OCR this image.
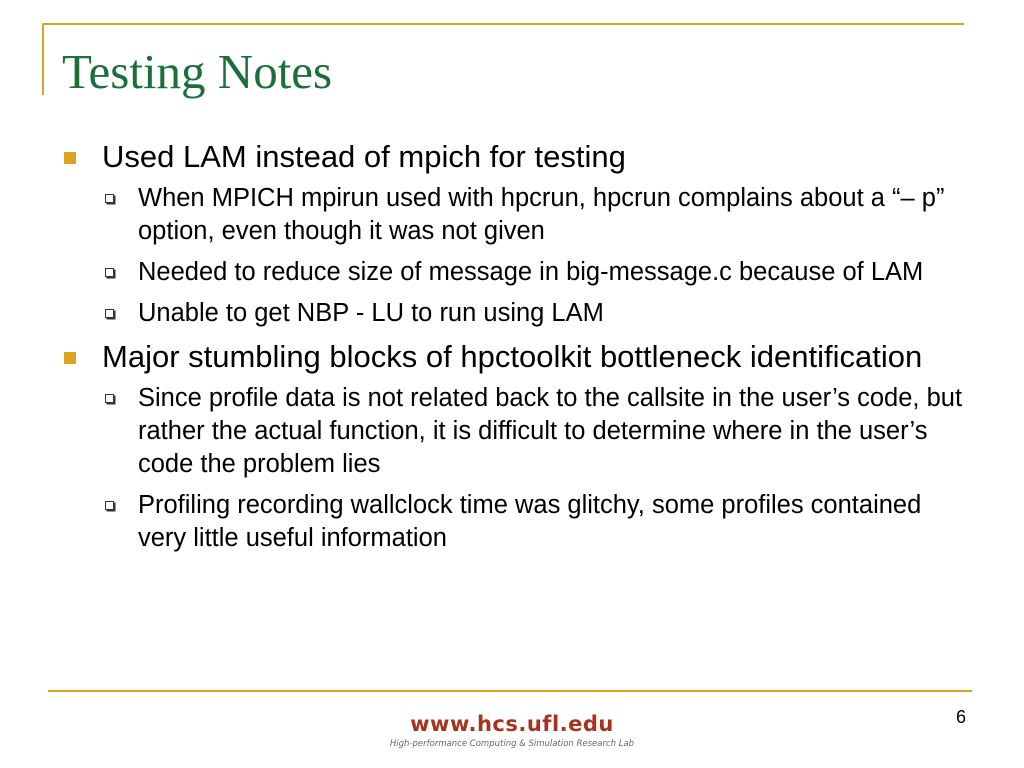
Testing Notes
Used LAM instead of mpich for testing
When MPICH mpirun used with hpcrun, hpcrun complains about a “– p” option, even though it was not given
Needed to reduce size of message in big-message.c because of LAM
Unable to get NBP - LU to run using LAM
Major stumbling blocks of hpctoolkit bottleneck identification
Since profile data is not related back to the callsite in the user’s code, but rather the actual function, it is difficult to determine where in the user’s code the problem lies
Profiling recording wallclock time was glitchy, some profiles contained very little useful information
6
www.hcs.ufl.edu
High-performance Computing & Simulation Research Lab
